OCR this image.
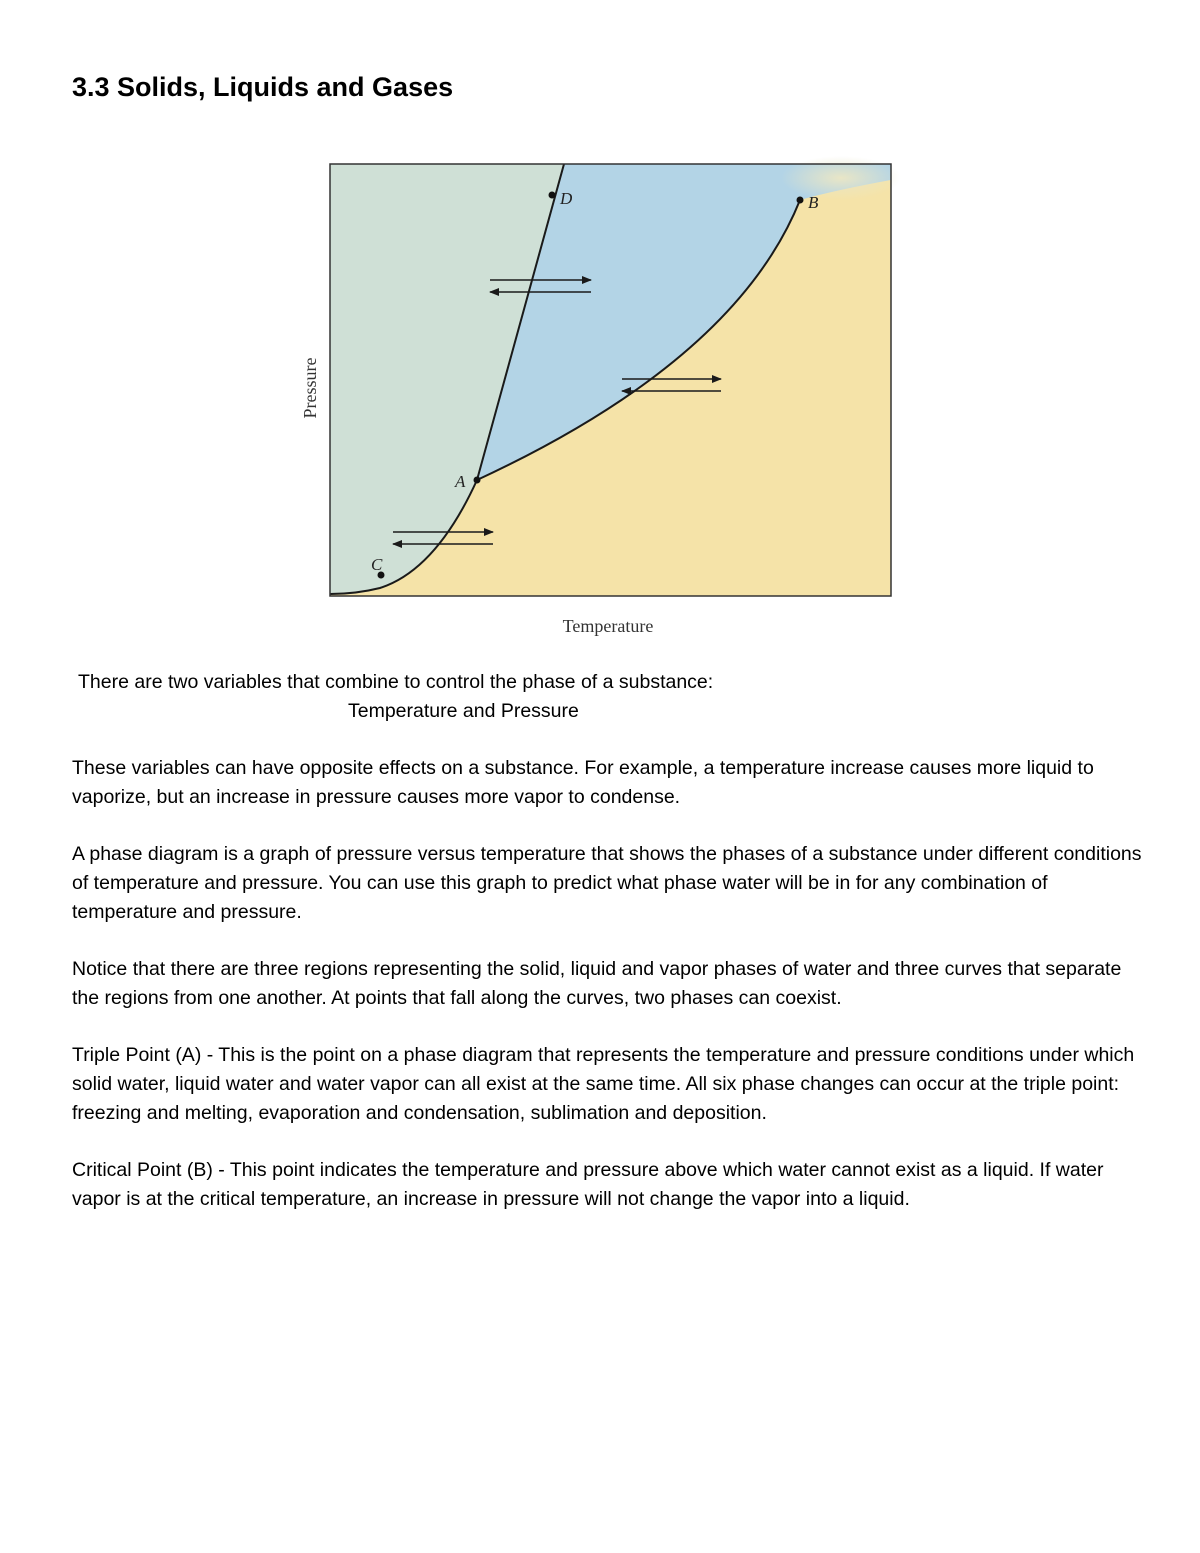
3.3 Solids, Liquids and Gases
A
B
C
D
Temperature
Pressure
There are two variables that combine to control the phase of a substance:
Temperature and Pressure

These variables can have opposite effects on a substance. For example, a temperature increase causes more liquid to vaporize, but an increase in pressure causes more vapor to condense.

A phase diagram is a graph of pressure versus temperature that shows the phases of a substance under different conditions of temperature and pressure. You can use this graph to predict what phase water will be in for any combination of temperature and pressure.

Notice that there are three regions representing the solid, liquid and vapor phases of water and three curves that separate the regions from one another. At points that fall along the curves, two phases can coexist.

Triple Point (A) - This is the point on a phase diagram that represents the temperature and pressure conditions under which solid water, liquid water and water vapor can all exist at the same time. All six phase changes can occur at the triple point: freezing and melting, evaporation and condensation, sublimation and deposition.

Critical Point (B) - This point indicates the temperature and pressure above which water cannot exist as a liquid. If water vapor is at the critical temperature, an increase in pressure will not change the vapor into a liquid.
